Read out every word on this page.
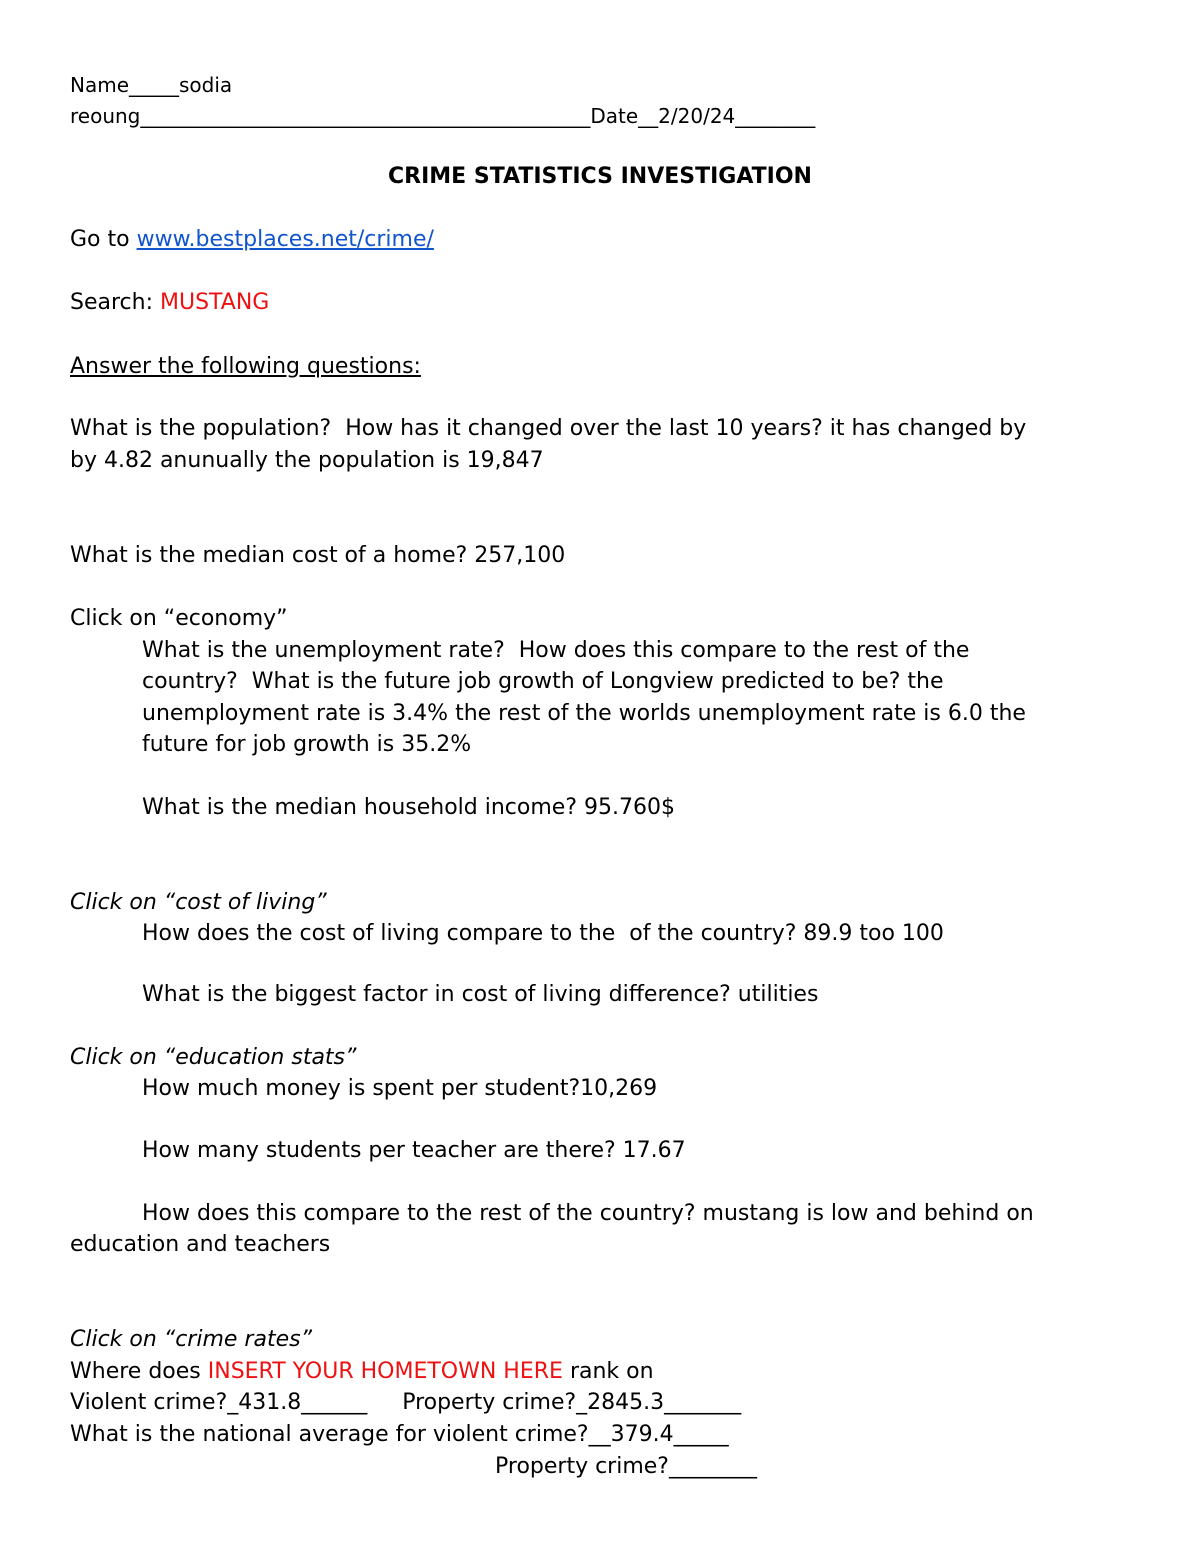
Name_____sodia
reoung_____________________________________________Date__2/20/24________
CRIME STATISTICS INVESTIGATION
Go to www.bestplaces.net/crime/
Search: MUSTANG
Answer the following questions:
What is the population?  How has it changed over the last 10 years? it has changed by
by 4.82 anunually the population is 19,847
What is the median cost of a home? 257,100
Click on “economy”
What is the unemployment rate?  How does this compare to the rest of the
country?  What is the future job growth of Longview predicted to be? the
unemployment rate is 3.4% the rest of the worlds unemployment rate is 6.0 the
future for job growth is 35.2%
What is the median household income? 95.760$
Click on “cost of living”
How does the cost of living compare to the  of the country? 89.9 too 100
What is the biggest factor in cost of living difference? utilities
Click on “education stats”
How much money is spent per student?10,269
How many students per teacher are there? 17.67
How does this compare to the rest of the country? mustang is low and behind on
education and teachers
Click on “crime rates”
Where does INSERT YOUR HOMETOWN HERE rank on
Violent crime?_431.8______     Property crime?_2845.3_______
What is the national average for violent crime?__379.4_____
Property crime?________
